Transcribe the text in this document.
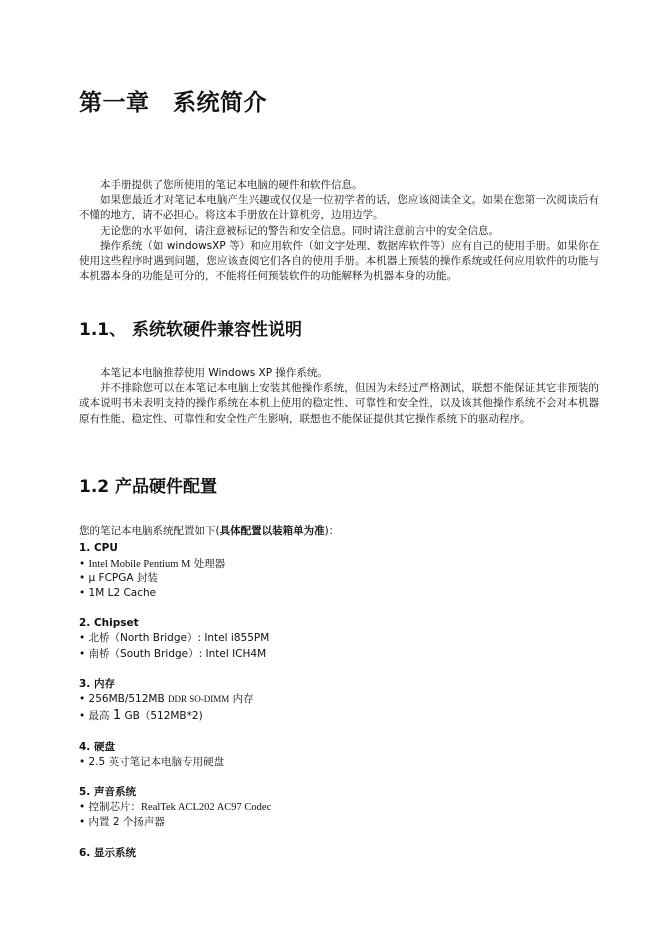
第一章　系统简介

本手册提供了您所使用的笔记本电脑的硬件和软件信息。

如果您最近才对笔记本电脑产生兴趣或仅仅是一位初学者的话，您应该阅读全文。如果在您第一次阅读后有不懂的地方，请不必担心。将这本手册放在计算机旁，边用边学。

无论您的水平如何，请注意被标记的警告和安全信息。同时请注意前言中的安全信息。

操作系统（如 windowsXP 等）和应用软件（如文字处理、数据库软件等）应有自己的使用手册。如果你在使用这些程序时遇到问题，您应该查阅它们各自的使用手册。本机器上预装的操作系统或任何应用软件的功能与本机器本身的功能是可分的，不能将任何预装软件的功能解释为机器本身的功能。

1.1、 系统软硬件兼容性说明

本笔记本电脑推荐使用 Windows XP 操作系统。

并不排除您可以在本笔记本电脑上安装其他操作系统，但因为未经过严格测试，联想不能保证其它非预装的或本说明书未表明支持的操作系统在本机上使用的稳定性、可靠性和安全性，以及该其他操作系统不会对本机器原有性能、稳定性、可靠性和安全性产生影响，联想也不能保证提供其它操作系统下的驱动程序。

1.2 产品硬件配置
您的笔记本电脑系统配置如下(具体配置以装箱单为准)：
1. CPU
• Intel Mobile Pentium M 处理器
• μ FCPGA 封装
• 1M L2 Cache
2. Chipset
• 北桥（North Bridge）: Intel i855PM
• 南桥（South Bridge）: Intel ICH4M
3. 内存
• 256MB/512MB DDR SO-DIMM 内存
• 最高 1 GB（512MB*2)
4. 硬盘
• 2.5 英寸笔记本电脑专用硬盘
5. 声音系统
• 控制芯片：RealTek ACL202 AC97 Codec
• 内置 2 个扬声器
6. 显示系统
